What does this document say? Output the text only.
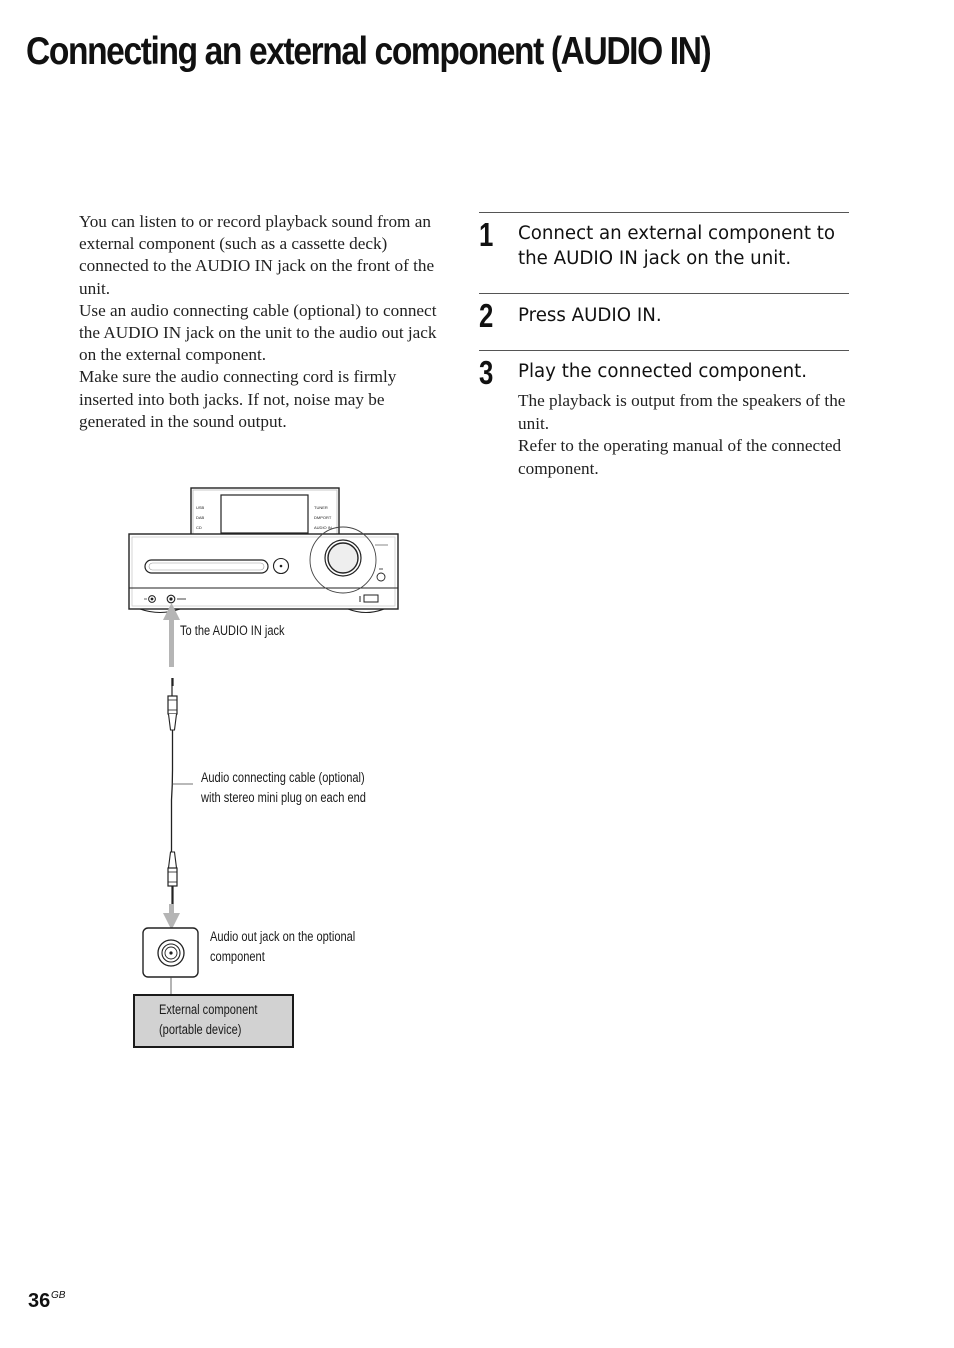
Connecting an external component (AUDIO IN)

You can listen to or record playback sound from an external component (such as a cassette deck) connected to the AUDIO IN jack on the front of the unit.

Use an audio connecting cable (optional) to connect the AUDIO IN jack on the unit to the audio out jack on the external component.

Make sure the audio connecting cord is firmly inserted into both jacks. If not, noise may be generated in the sound output.

1 Connect an external component to the AUDIO IN jack on the unit.
2 Press AUDIO IN.
3 Play the connected component.

The playback is output from the speakers of the unit.

Refer to the operating manual of the connected component.

USB
DAB
CD
TUNER
DMPORT
AUDIO IN
To the AUDIO IN jack
Audio connecting cable (optional)
with stereo mini plug on each end
Audio out jack on the optional
component
External component
(portable device)
36 GB
